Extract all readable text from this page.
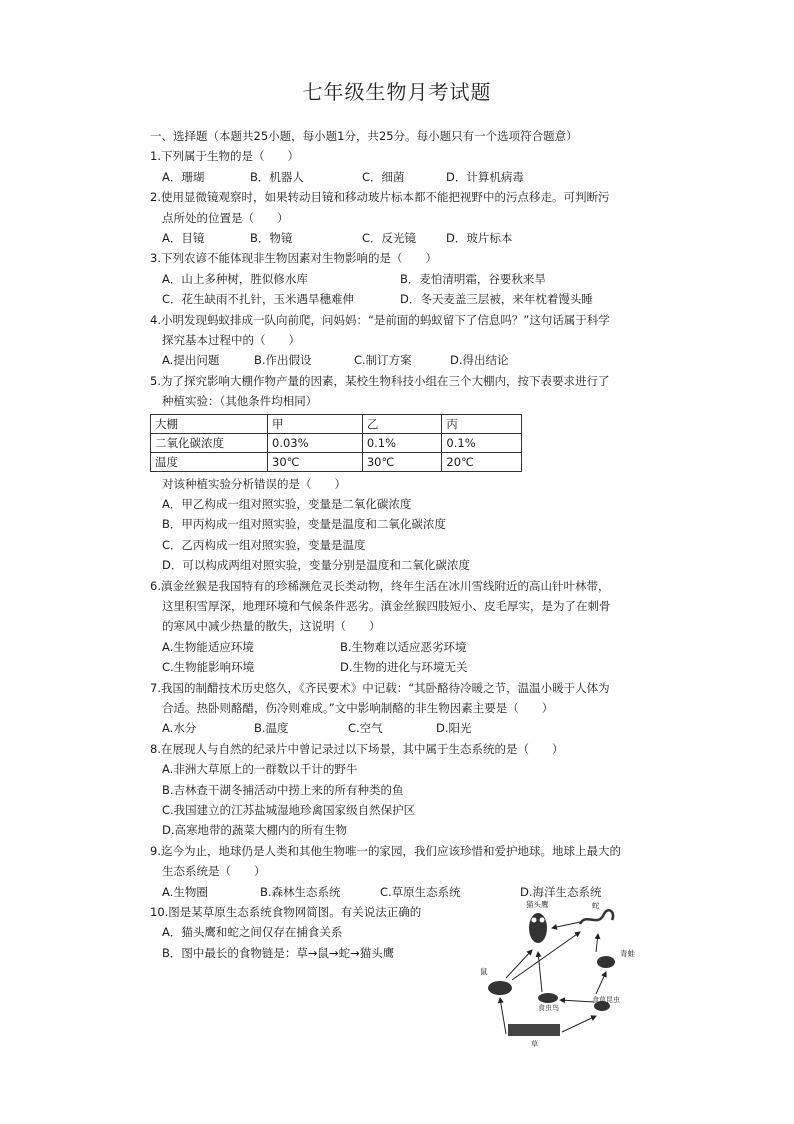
七年级生物月考试题
一、选择题（本题共25小题，每小题1分，共25分。每小题只有一个选项符合题意）
1.下列属于生物的是（　　）
A．珊瑚	B．机器人	C．细菌	D．计算机病毒
2.使用显微镜观察时，如果转动目镜和移动玻片标本都不能把视野中的污点移走。可判断污
点所处的位置是（　　）
A．目镜	B．物镜	C．反光镜	D．玻片标本
3.下列农谚不能体现非生物因素对生物影响的是（　　）
A．山上多种树，胜似修水库	B．麦怕清明霜，谷要秋来旱
C．花生缺雨不扎针，玉米遇旱穗难伸	D．冬天麦盖三层被，来年枕着馒头睡
4.小明发现蚂蚁排成一队向前爬，问妈妈：“是前面的蚂蚁留下了信息吗？”这句话属于科学
探究基本过程中的（　　）
A.提出问题	B.作出假设	C.制订方案	D.得出结论
5.为了探究影响大棚作物产量的因素，某校生物科技小组在三个大棚内，按下表要求进行了
种植实验：（其他条件均相同）
大棚	甲	乙	丙
二氧化碳浓度	0.03%	0.1%	0.1%
温度	30℃	30℃	20℃
对该种植实验分析错误的是（　　）
A．甲乙构成一组对照实验，变量是二氧化碳浓度
B．甲丙构成一组对照实验，变量是温度和二氧化碳浓度
C．乙丙构成一组对照实验，变量是温度
D．可以构成两组对照实验，变量分别是温度和二氧化碳浓度
6.滇金丝猴是我国特有的珍稀濒危灵长类动物，终年生活在冰川雪线附近的高山针叶林带，
这里积雪厚深，地理环境和气候条件恶劣。滇金丝猴四肢短小、皮毛厚实，是为了在刺骨
的寒风中减少热量的散失，这说明（　　）
A.生物能适应环境	B.生物难以适应恶劣环境
C.生物能影响环境	D.生物的进化与环境无关
7.我国的制醋技术历史悠久，《齐民要术》中记载：“其卧酪待冷暖之节，温温小暖于人体为
合适。热卧则酪醋，伤冷则难成。”文中影响制酪的非生物因素主要是（　　）
A.水分	B.温度	C.空气	D.阳光
8.在展现人与自然的纪录片中曾记录过以下场景，其中属于生态系统的是（　　）
A.非洲大草原上的一群数以千计的野牛
B.吉林查干湖冬捕活动中捞上来的所有种类的鱼
C.我国建立的江苏盐城湿地珍禽国家级自然保护区
D.高寒地带的蔬菜大棚内的所有生物
9.迄今为止，地球仍是人类和其他生物唯一的家园，我们应该珍惜和爱护地球。地球上最大的
生态系统是（　　）
A.生物圈	B.森林生态系统	C.草原生态系统	D.海洋生态系统
10.图是某草原生态系统食物网简图。有关说法正确的
A．猫头鹰和蛇之间仅存在捕食关系
B．图中最长的食物链是：草→鼠→蛇→猫头鹰
猫头鹰	蛇
青蛙
鼠
食虫鸟
食草昆虫
草
